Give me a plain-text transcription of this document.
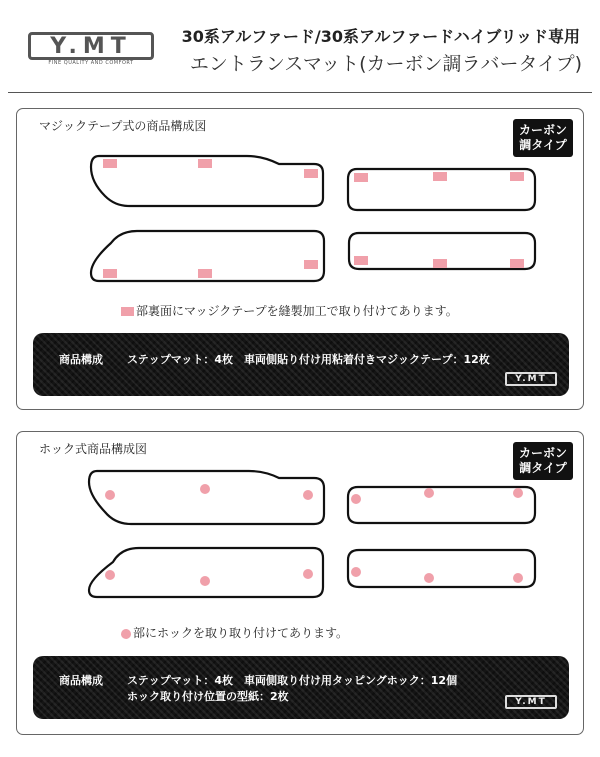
Y.MT
FINE QUALITY AND COMFORT
30系アルファード/30系アルファードハイブリッド専用
エントランスマット(カーボン調ラバータイプ)
マジックテープ式の商品構成図	カーボン
調タイプ
部裏面にマッジクテープを縫製加工で取り付けてあります。
商品構成 ステップマット：4枚　車両側貼り付け用粘着付きマジックテープ：12枚
Y.MT
ホック式商品構成図	カーボン
調タイプ
部にホックを取り取り付けてあります。
商品構成 ステップマット：4枚　車両側取り付け用タッピングホック：12個
ホック取り付け位置の型紙：2枚	Y.MT
